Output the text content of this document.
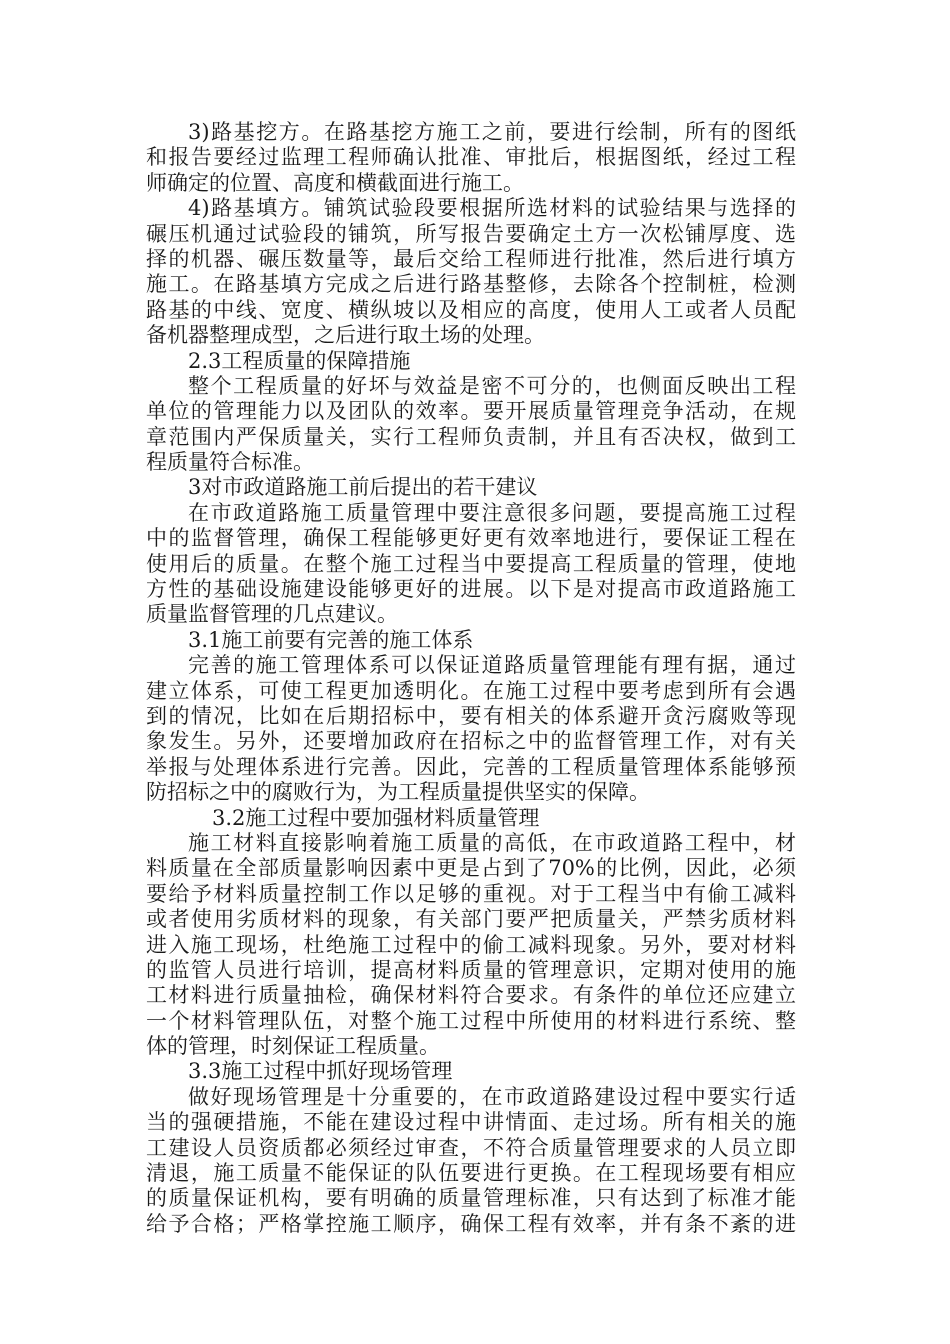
3)路基挖方。在路基挖方施工之前，要进行绘制，所有的图纸
和报告要经过监理工程师确认批准、审批后，根据图纸，经过工程
师确定的位置、高度和横截面进行施工。
4)路基填方。铺筑试验段要根据所选材料的试验结果与选择的
碾压机通过试验段的铺筑，所写报告要确定土方一次松铺厚度、选
择的机器、碾压数量等，最后交给工程师进行批准，然后进行填方
施工。在路基填方完成之后进行路基整修，去除各个控制桩，检测
路基的中线、宽度、横纵坡以及相应的高度，使用人工或者人员配
备机器整理成型，之后进行取土场的处理。
2.3工程质量的保障措施
整个工程质量的好坏与效益是密不可分的，也侧面反映出工程
单位的管理能力以及团队的效率。要开展质量管理竞争活动，在规
章范围内严保质量关，实行工程师负责制，并且有否决权，做到工
程质量符合标准。
3对市政道路施工前后提出的若干建议
在市政道路施工质量管理中要注意很多问题，要提高施工过程
中的监督管理，确保工程能够更好更有效率地进行，要保证工程在
使用后的质量。在整个施工过程当中要提高工程质量的管理，使地
方性的基础设施建设能够更好的进展。以下是对提高市政道路施工
质量监督管理的几点建议。
3.1施工前要有完善的施工体系
完善的施工管理体系可以保证道路质量管理能有理有据，通过
建立体系，可使工程更加透明化。在施工过程中要考虑到所有会遇
到的情况，比如在后期招标中，要有相关的体系避开贪污腐败等现
象发生。另外，还要增加政府在招标之中的监督管理工作，对有关
举报与处理体系进行完善。因此，完善的工程质量管理体系能够预
防招标之中的腐败行为，为工程质量提供坚实的保障。
3.2施工过程中要加强材料质量管理
施工材料直接影响着施工质量的高低，在市政道路工程中，材
料质量在全部质量影响因素中更是占到了70%的比例，因此，必须
要给予材料质量控制工作以足够的重视。对于工程当中有偷工减料
或者使用劣质材料的现象，有关部门要严把质量关，严禁劣质材料
进入施工现场，杜绝施工过程中的偷工减料现象。另外，要对材料
的监管人员进行培训，提高材料质量的管理意识，定期对使用的施
工材料进行质量抽检，确保材料符合要求。有条件的单位还应建立
一个材料管理队伍，对整个施工过程中所使用的材料进行系统、整
体的管理，时刻保证工程质量。
3.3施工过程中抓好现场管理
做好现场管理是十分重要的，在市政道路建设过程中要实行适
当的强硬措施，不能在建设过程中讲情面、走过场。所有相关的施
工建设人员资质都必须经过审查，不符合质量管理要求的人员立即
清退，施工质量不能保证的队伍要进行更换。在工程现场要有相应
的质量保证机构，要有明确的质量管理标准，只有达到了标准才能
给予合格；严格掌控施工顺序，确保工程有效率，并有条不紊的进
